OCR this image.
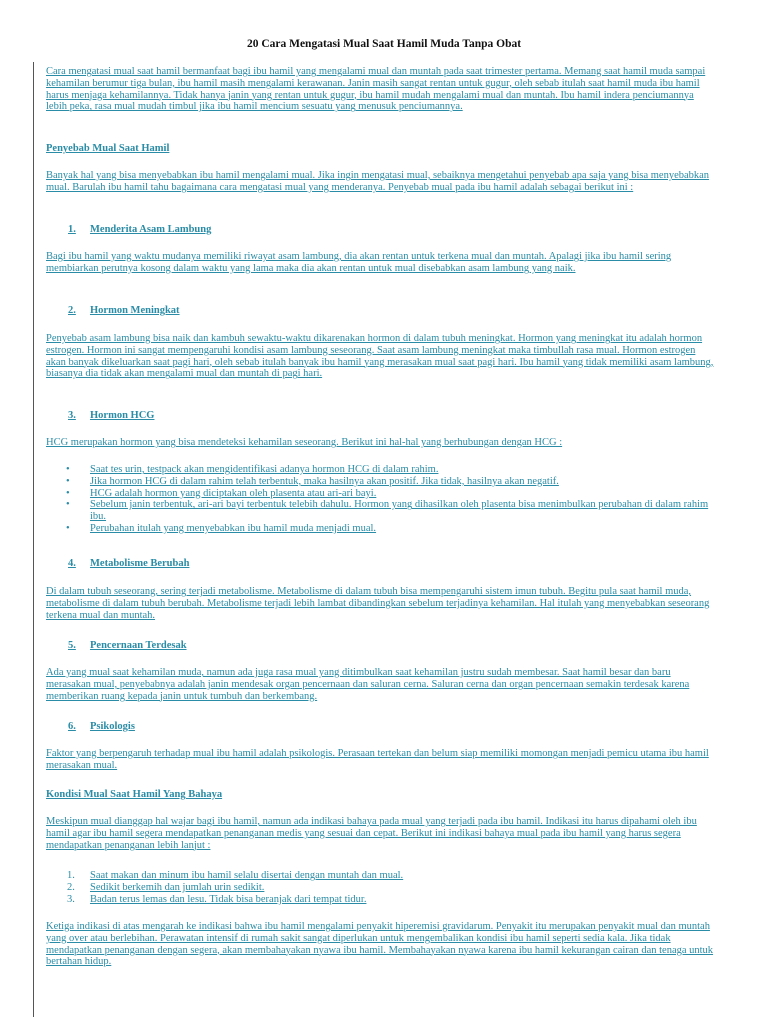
20 Cara Mengatasi Mual Saat Hamil Muda Tanpa Obat

Cara mengatasi mual saat hamil bermanfaat bagi ibu hamil yang mengalami mual dan muntah pada saat trimester pertama. Memang saat hamil muda sampai kehamilan berumur tiga bulan, ibu hamil masih mengalami kerawanan. Janin masih sangat rentan untuk gugur, oleh sebab itulah saat hamil muda ibu hamil harus menjaga kehamilannya. Tidak hanya janin yang rentan untuk gugur, ibu hamil mudah mengalami mual dan muntah. Ibu hamil indera penciumannya lebih peka, rasa mual mudah timbul jika ibu hamil mencium sesuatu yang menusuk penciumannya.

Penyebab Mual Saat Hamil

Banyak hal yang bisa menyebabkan ibu hamil mengalami mual. Jika ingin mengatasi mual, sebaiknya mengetahui penyebab apa saja yang bisa menyebabkan mual. Barulah ibu hamil tahu bagaimana cara mengatasi mual yang menderanya. Penyebab mual pada ibu hamil adalah sebagai berikut ini :

1. Menderita Asam Lambung

Bagi ibu hamil yang waktu mudanya memiliki riwayat asam lambung, dia akan rentan untuk terkena mual dan muntah. Apalagi jika ibu hamil sering membiarkan perutnya kosong dalam waktu yang lama maka dia akan rentan untuk mual disebabkan asam lambung yang naik.

2. Hormon Meningkat

Penyebab asam lambung bisa naik dan kambuh sewaktu-waktu dikarenakan hormon di dalam tubuh meningkat. Hormon yang meningkat itu adalah hormon estrogen. Hormon ini sangat mempengaruhi kondisi asam lambung seseorang. Saat asam lambung meningkat maka timbullah rasa mual. Hormon estrogen akan banyak dikeluarkan saat pagi hari, oleh sebab itulah banyak ibu hamil yang merasakan mual saat pagi hari. Ibu hamil yang tidak memiliki asam lambung, biasanya dia tidak akan mengalami mual dan muntah di pagi hari.

3. Hormon HCG

HCG merupakan hormon yang bisa mendeteksi kehamilan seseorang. Berikut ini hal-hal yang berhubungan dengan HCG :

• Saat tes urin, testpack akan mengidentifikasi adanya hormon HCG di dalam rahim.
• Jika hormon HCG di dalam rahim telah terbentuk, maka hasilnya akan positif. Jika tidak, hasilnya akan negatif.
• HCG adalah hormon yang diciptakan oleh plasenta atau ari-ari bayi.
• Sebelum janin terbentuk, ari-ari bayi terbentuk telebih dahulu. Hormon yang dihasilkan oleh plasenta bisa menimbulkan perubahan di dalam rahim ibu.
• Perubahan itulah yang menyebabkan ibu hamil muda menjadi mual.
4. Metabolisme Berubah

Di dalam tubuh seseorang, sering terjadi metabolisme. Metabolisme di dalam tubuh bisa mempengaruhi sistem imun tubuh. Begitu pula saat hamil muda, metabolisme di dalam tubuh berubah. Metabolisme terjadi lebih lambat dibandingkan sebelum terjadinya kehamilan. Hal itulah yang menyebabkan seseorang terkena mual dan muntah.

5. Pencernaan Terdesak

Ada yang mual saat kehamilan muda, namun ada juga rasa mual yang ditimbulkan saat kehamilan justru sudah membesar. Saat hamil besar dan baru merasakan mual, penyebabnya adalah janin mendesak organ pencernaan dan saluran cerna. Saluran cerna dan organ pencernaan semakin terdesak karena memberikan ruang kepada janin untuk tumbuh dan berkembang.

6. Psikologis

Faktor yang berpengaruh terhadap mual ibu hamil adalah psikologis. Perasaan tertekan dan belum siap memiliki momongan menjadi pemicu utama ibu hamil merasakan mual.

Kondisi Mual Saat Hamil Yang Bahaya

Meskipun mual dianggap hal wajar bagi ibu hamil, namun ada indikasi bahaya pada mual yang terjadi pada ibu hamil. Indikasi itu harus dipahami oleh ibu hamil agar ibu hamil segera mendapatkan penanganan medis yang sesuai dan cepat. Berikut ini indikasi bahaya mual pada ibu hamil yang harus segera mendapatkan penanganan lebih lanjut :

1. Saat makan dan minum ibu hamil selalu disertai dengan muntah dan mual.
2. Sedikit berkemih dan jumlah urin sedikit.
3. Badan terus lemas dan lesu. Tidak bisa beranjak dari tempat tidur.

Ketiga indikasi di atas mengarah ke indikasi bahwa ibu hamil mengalami penyakit hiperemisi gravidarum. Penyakit itu merupakan penyakit mual dan muntah yang over atau berlebihan. Perawatan intensif di rumah sakit sangat diperlukan untuk mengembalikan kondisi ibu hamil seperti sedia kala. Jika tidak mendapatkan penanganan dengan segera, akan membahayakan nyawa ibu hamil. Membahayakan nyawa karena ibu hamil kekurangan cairan dan tenaga untuk bertahan hidup.
